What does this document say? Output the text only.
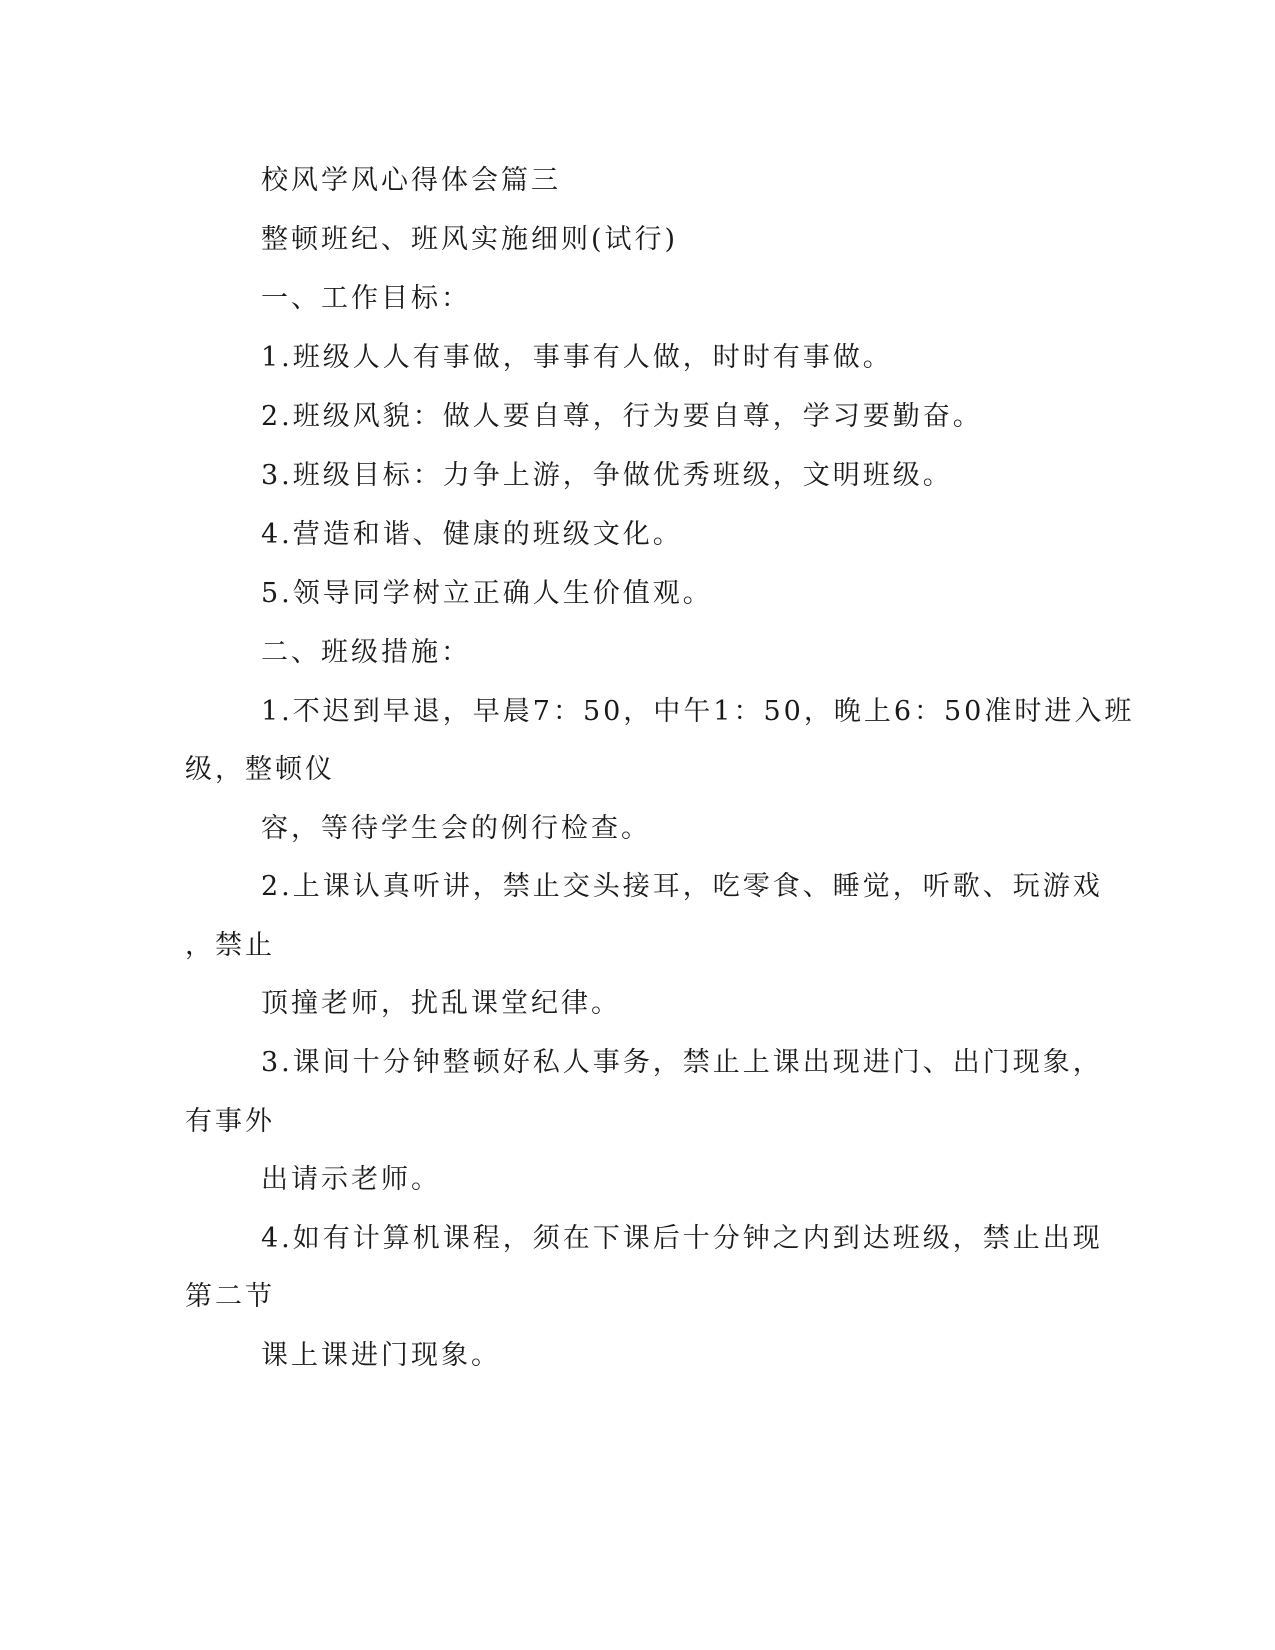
校风学风心得体会篇三
整顿班纪、班风实施细则(试行)
一、工作目标：
1.班级人人有事做，事事有人做，时时有事做。
2.班级风貌：做人要自尊，行为要自尊，学习要勤奋。
3.班级目标：力争上游，争做优秀班级，文明班级。
4.营造和谐、健康的班级文化。
5.领导同学树立正确人生价值观。
二、班级措施：
1.不迟到早退，早晨7：50，中午1：50，晚上6：50准时进入班
级，整顿仪
容，等待学生会的例行检查。
2.上课认真听讲，禁止交头接耳，吃零食、睡觉，听歌、玩游戏
，禁止
顶撞老师，扰乱课堂纪律。
3.课间十分钟整顿好私人事务，禁止上课出现进门、出门现象，
有事外
出请示老师。
4.如有计算机课程，须在下课后十分钟之内到达班级，禁止出现
第二节
课上课进门现象。
